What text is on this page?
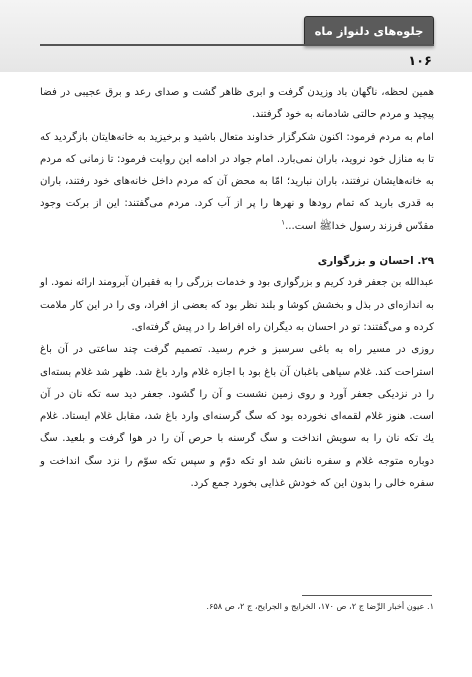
جلوه‌های دلنواز ماه
۱۰۶

همین لحظه، ناگهان باد وزیدن گرفت و ابری ظاهر گشت و صدای رعد و برق عجیبی در فضا پیچید و مردم حالتی شادمانه به خود گرفتند.

امام به مردم فرمود: اکنون شکرگزار خداوند متعال باشید و برخیزید به خانه‌هایتان بازگردید که تا به منازل خود نروید، باران نمی‌بارد. امام جواد در ادامه این روایت فرمود: تا زمانی که مردم به خانه‌هایشان نرفتند، باران نبارید؛ امّا به محض آن که مردم داخل خانه‌های خود رفتند، باران به قدری بارید که تمام رودها و نهرها را پر از آب کرد. مردم می‌گفتند: این از برکت وجود مقدّس فرزند رسول خدا‌ﷺ است...$^۱$

۲۹. احسان و بزرگواری

عبدالله بن جعفر فرد کریم و بزرگواری بود و خدمات بزرگی را به فقیران آبرومند ارائه نمود. او به اندازه‌ای در بذل و بخشش کوشا و بلند نظر بود که بعضی از افراد، وی را در این کار ملامت کرده و می‌گفتند: تو در احسان به دیگران راه افراط را در پیش گرفته‌ای.

روزی در مسیر راه به باغی سرسبز و خرم رسید. تصمیم گرفت چند ساعتی در آن باغ استراحت کند. غلام سیاهی باغبان آن باغ بود با اجازه غلام وارد باغ شد. ظهر شد غلام بسته‌ای را در نزدیکی جعفر آورد و روی زمین نشست و آن را گشود. جعفر دید سه تکه نان در آن است. هنوز غلام لقمه‌ای نخورده بود که سگ گرسنه‌ای وارد باغ شد، مقابل غلام ایستاد. غلام یك تکه نان را به سویش انداخت و سگ گرسنه با حرص آن را در هوا گرفت و بلعید. سگ دوباره متوجه غلام و سفره نانش شد او تکه دوّم و سپس تکه سوّم را نزد سگ انداخت و سفره خالی را بدون این که خودش غذایی بخورد جمع کرد.

۱. عیون أخبار الرِّضا ج ۲، ص ۱۷۰، الخرایج و الجرایح، ج ۲، ص ۶۵۸.
